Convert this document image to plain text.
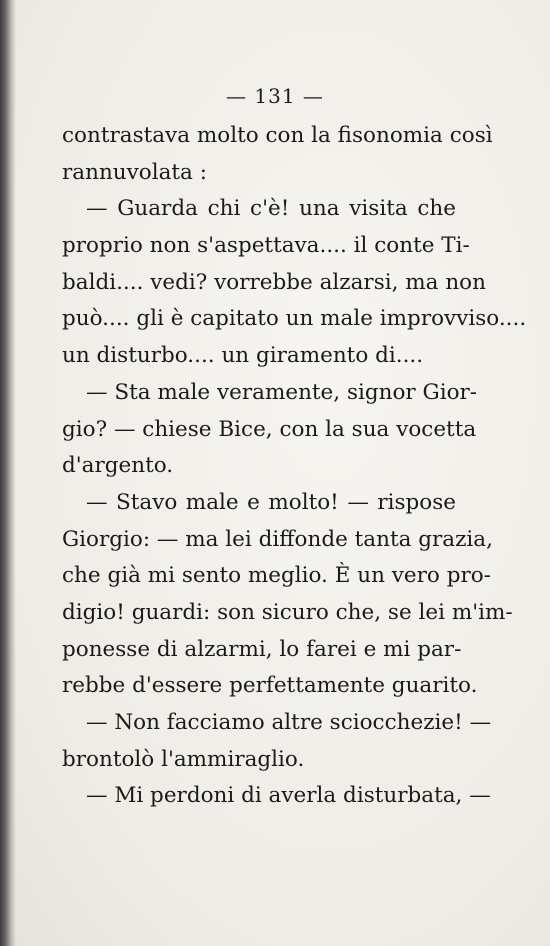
— 131 —
contrastava molto con la fisonomia così
rannuvolata :
— Guarda chi c'è! una visita che
proprio non s'aspettava.... il conte Ti-
baldi.... vedi? vorrebbe alzarsi, ma non
può.... gli è capitato un male improvviso....
un disturbo.... un giramento di....
— Sta male veramente, signor Gior-
gio? — chiese Bice, con la sua vocetta
d'argento.
— Stavo male e molto! — rispose
Giorgio: — ma lei diffonde tanta grazia,
che già mi sento meglio. È un vero pro-
digio! guardi: son sicuro che, se lei m'im-
ponesse di alzarmi, lo farei e mi par-
rebbe d'essere perfettamente guarito.
— Non facciamo altre sciocchezie! —
brontolò l'ammiraglio.
— Mi perdoni di averla disturbata, —
